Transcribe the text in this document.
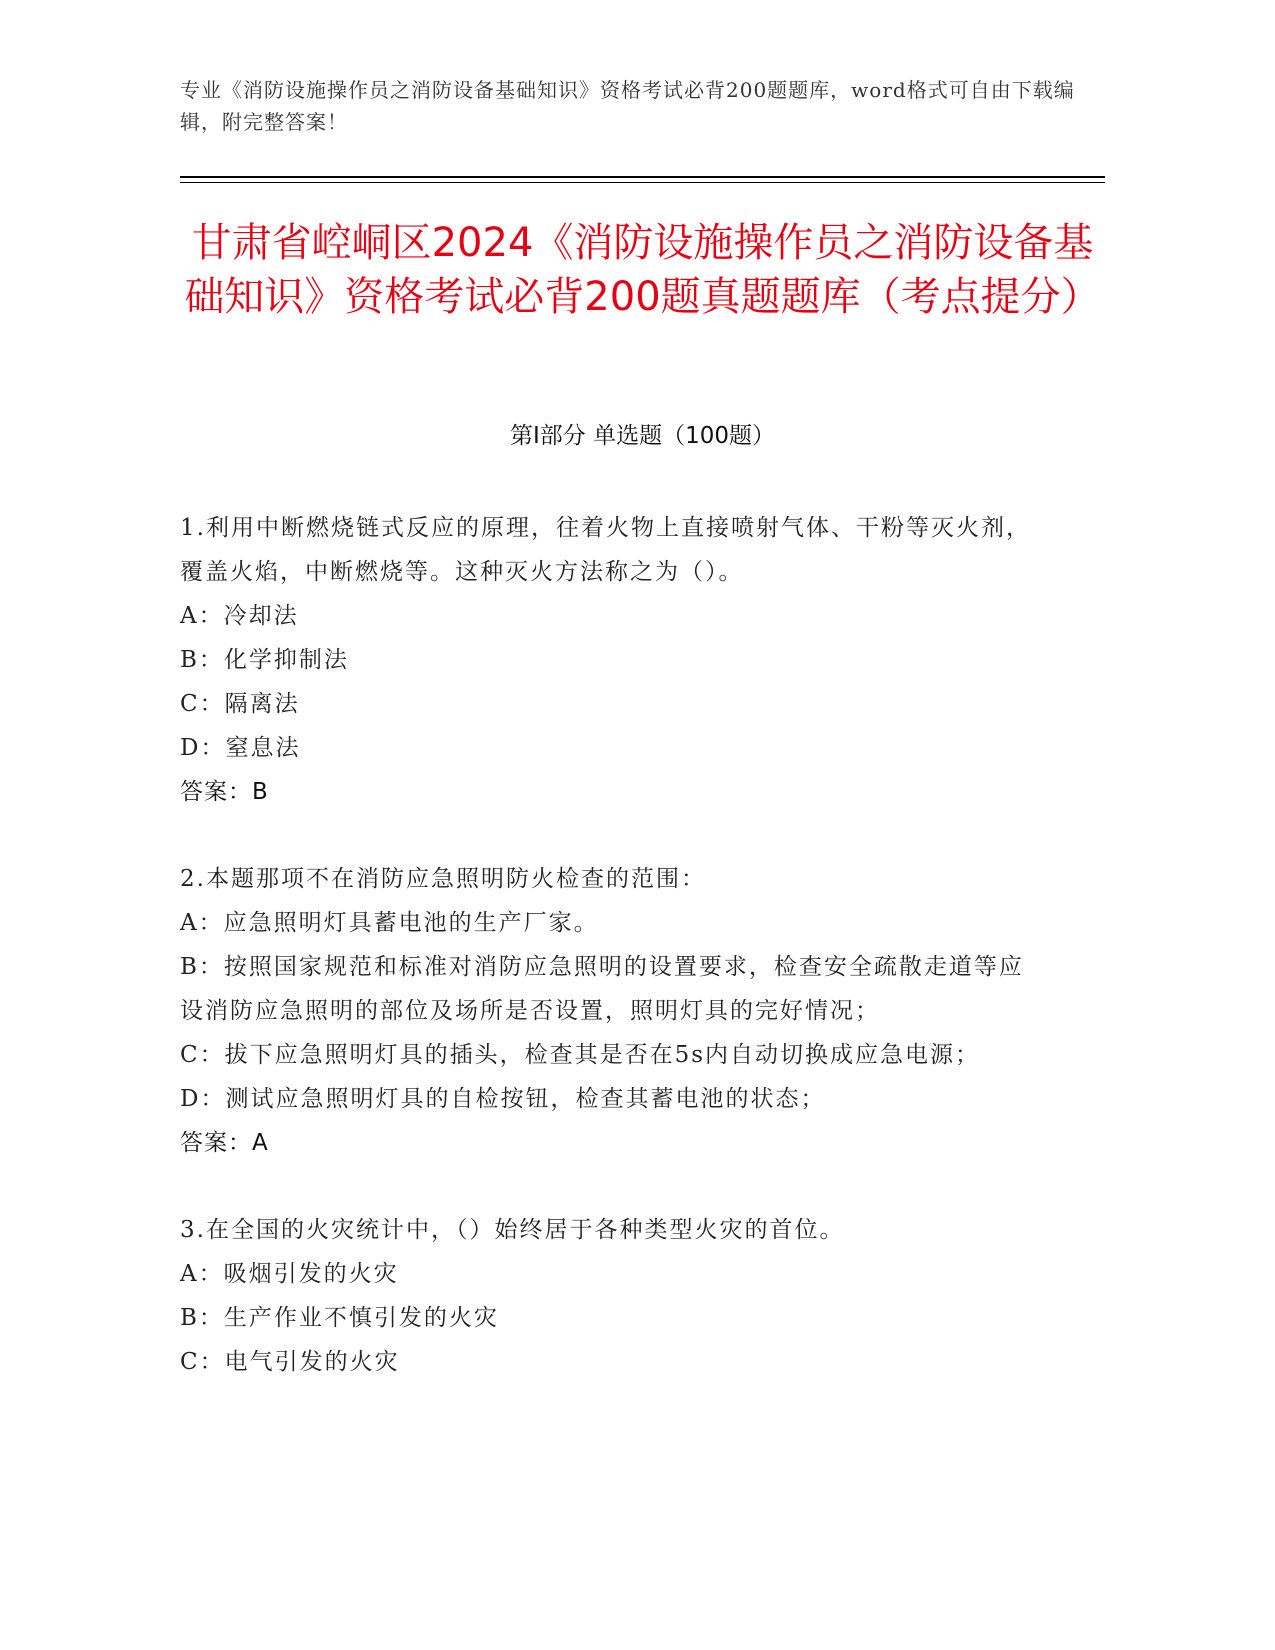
专业《消防设施操作员之消防设备基础知识》资格考试必背200题题库，word格式可自由下载编辑，附完整答案！
甘肃省崆峒区2024《消防设施操作员之消防设备基础知识》资格考试必背200题真题题库（考点提分）
第Ⅰ部分 单选题（100题）
1.利用中断燃烧链式反应的原理，往着火物上直接喷射气体、干粉等灭火剂，覆盖火焰，中断燃烧等。这种灭火方法称之为（）。
A：冷却法
B：化学抑制法
C：隔离法
D：窒息法
答案：B
2.本题那项不在消防应急照明防火检查的范围：
A：应急照明灯具蓄电池的生产厂家。
B：按照国家规范和标准对消防应急照明的设置要求，检查安全疏散走道等应设消防应急照明的部位及场所是否设置，照明灯具的完好情况；
C：拔下应急照明灯具的插头，检查其是否在5s内自动切换成应急电源；
D：测试应急照明灯具的自检按钮，检查其蓄电池的状态；
答案：A
3.在全国的火灾统计中，（）始终居于各种类型火灾的首位。
A：吸烟引发的火灾
B：生产作业不慎引发的火灾
C：电气引发的火灾
